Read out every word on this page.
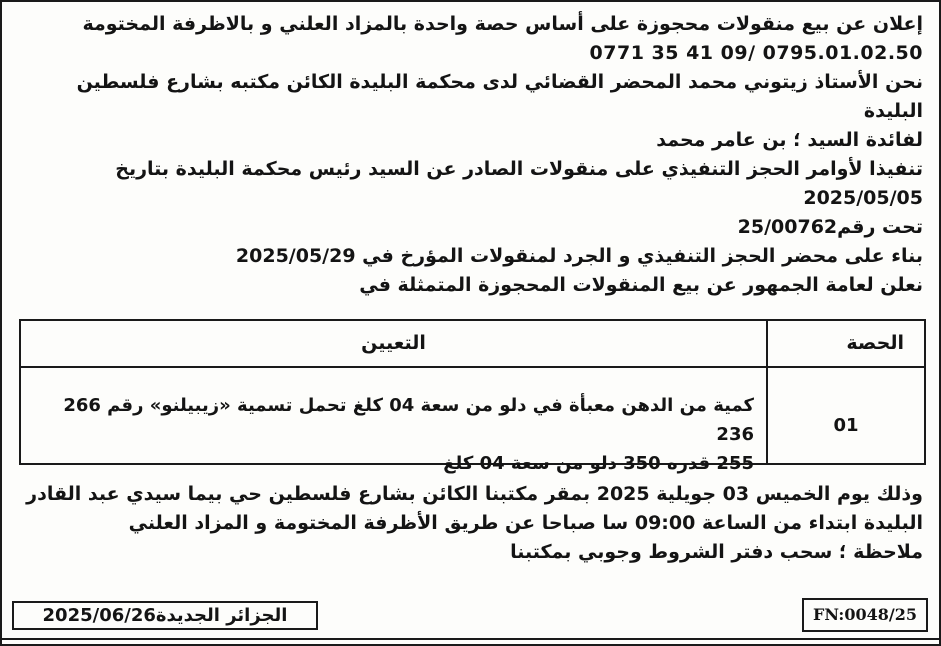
إعلان عن بيع منقولات محجوزة على أساس حصة واحدة بالمزاد العلني و بالاظرفة المختومة
0771 35 41 09/ 0795.01.02.50
نحن الأستاذ زيتوني محمد المحضر القضائي لدى محكمة البليدة الكائن مكتبه بشارع فلسطين
البليدة
لفائدة السيد ؛ بن عامر محمد
تنفيذا لأوامر الحجز التنفيذي على منقولات الصادر عن السيد رئيس محكمة البليدة بتاريخ
2025/05/05
تحت رقم25/00762
بناء على محضر الحجز التنفيذي و الجرد لمنقولات المؤرخ في 2025/05/29
نعلن لعامة الجمهور عن بيع المنقولات المحجوزة المتمثلة في
الحصة
01
التعيين
كمية من الدهن معبأة في دلو من سعة 04 كلغ تحمل تسمية «زيبيلنو» رقم 266 236
255 قدره 350 دلو من سعة 04 كلغ
وذلك يوم الخميس 03 جويلية 2025 بمقر مكتبنا الكائن بشارع فلسطين حي بيما سيدي عبد القادر
البليدة ابتداء من الساعة 09:00 سا صباحا عن طريق الأظرفة المختومة و المزاد العلني
ملاحظة ؛ سحب دفتر الشروط وجوبي بمكتبنا
الجزائر الجديدة2025/06/26	FN:0048/25
